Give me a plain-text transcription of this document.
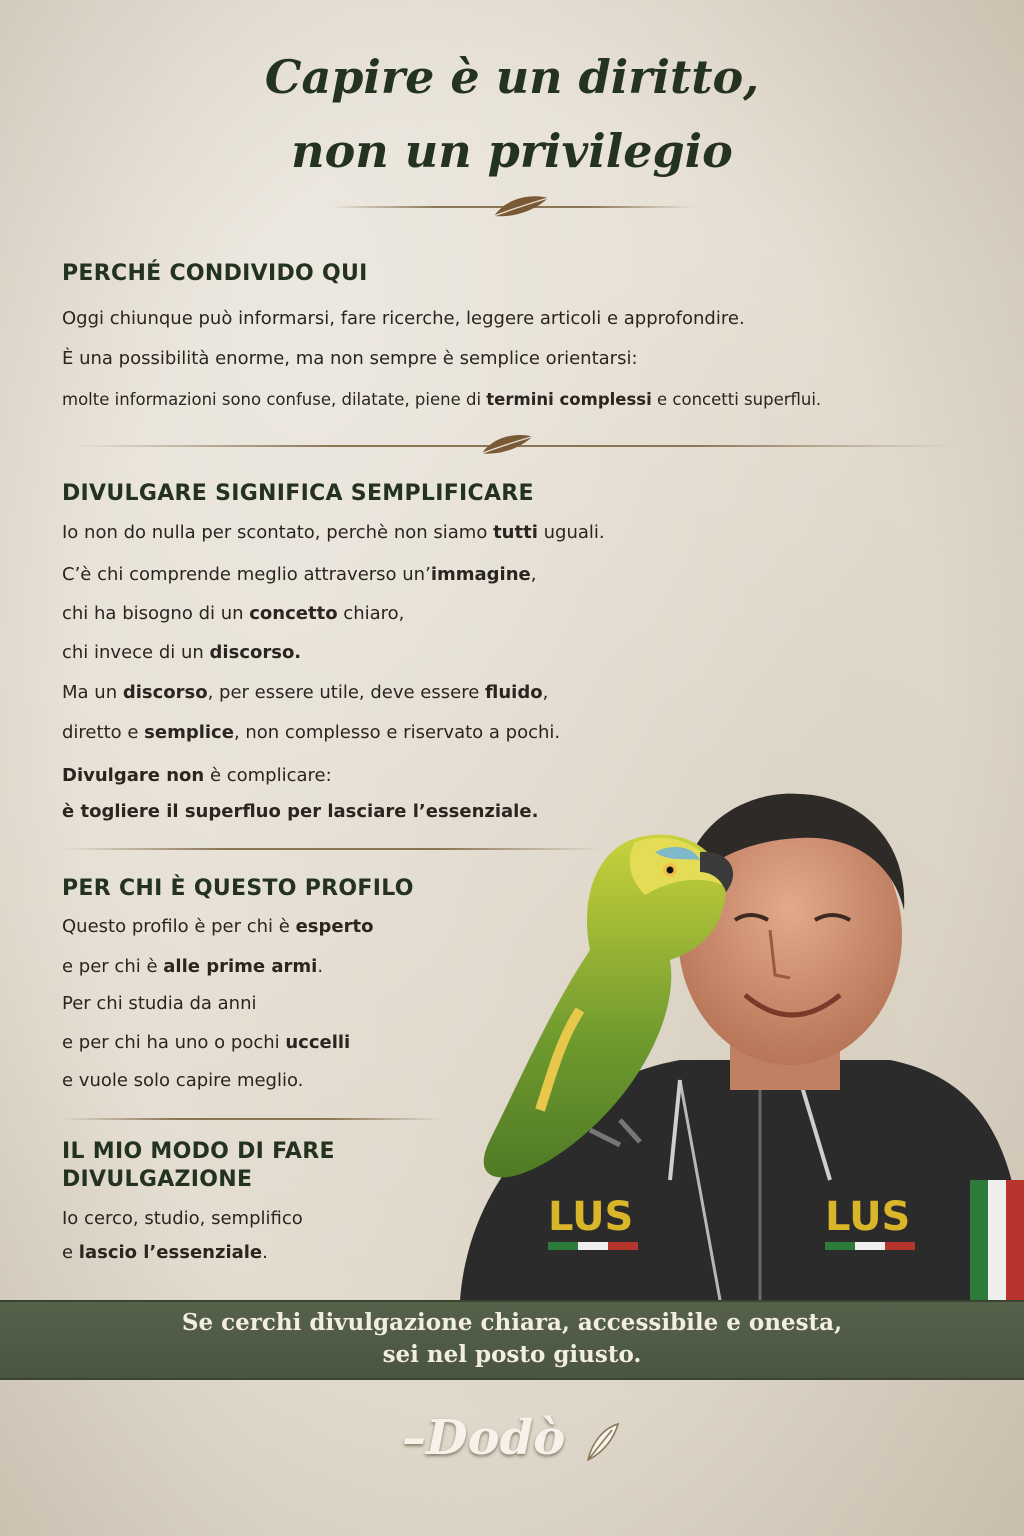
Capire è un diritto,
non un privilegio
PERCHÉ CONDIVIDO QUI

Oggi chiunque può informarsi, fare ricerche, leggere articoli e approfondire.

È una possibilità enorme, ma non sempre è semplice orientarsi:

molte informazioni sono confuse, dilatate, piene di termini complessi e concetti superflui.

DIVULGARE SIGNIFICA SEMPLIFICARE

Io non do nulla per scontato, perchè non siamo tutti uguali.

C’è chi comprende meglio attraverso un’immagine,

chi ha bisogno di un concetto chiaro,

chi invece di un discorso.

Ma un discorso, per essere utile, deve essere fluido,

diretto e semplice, non complesso e riservato a pochi.

Divulgare non è complicare:

è togliere il superfluo per lasciare l’essenziale.

PER CHI È QUESTO PROFILO

Questo profilo è per chi è esperto

e per chi è alle prime armi.

Per chi studia da anni

e per chi ha uno o pochi uccelli

e vuole solo capire meglio.

IL MIO MODO DI FARE
DIVULGAZIONE

Io cerco, studio, semplifico

e lascio l’essenziale.

LUS	LUS

Se cerchi divulgazione chiara, accessibile e onesta,

sei nel posto giusto.

–Dodò
